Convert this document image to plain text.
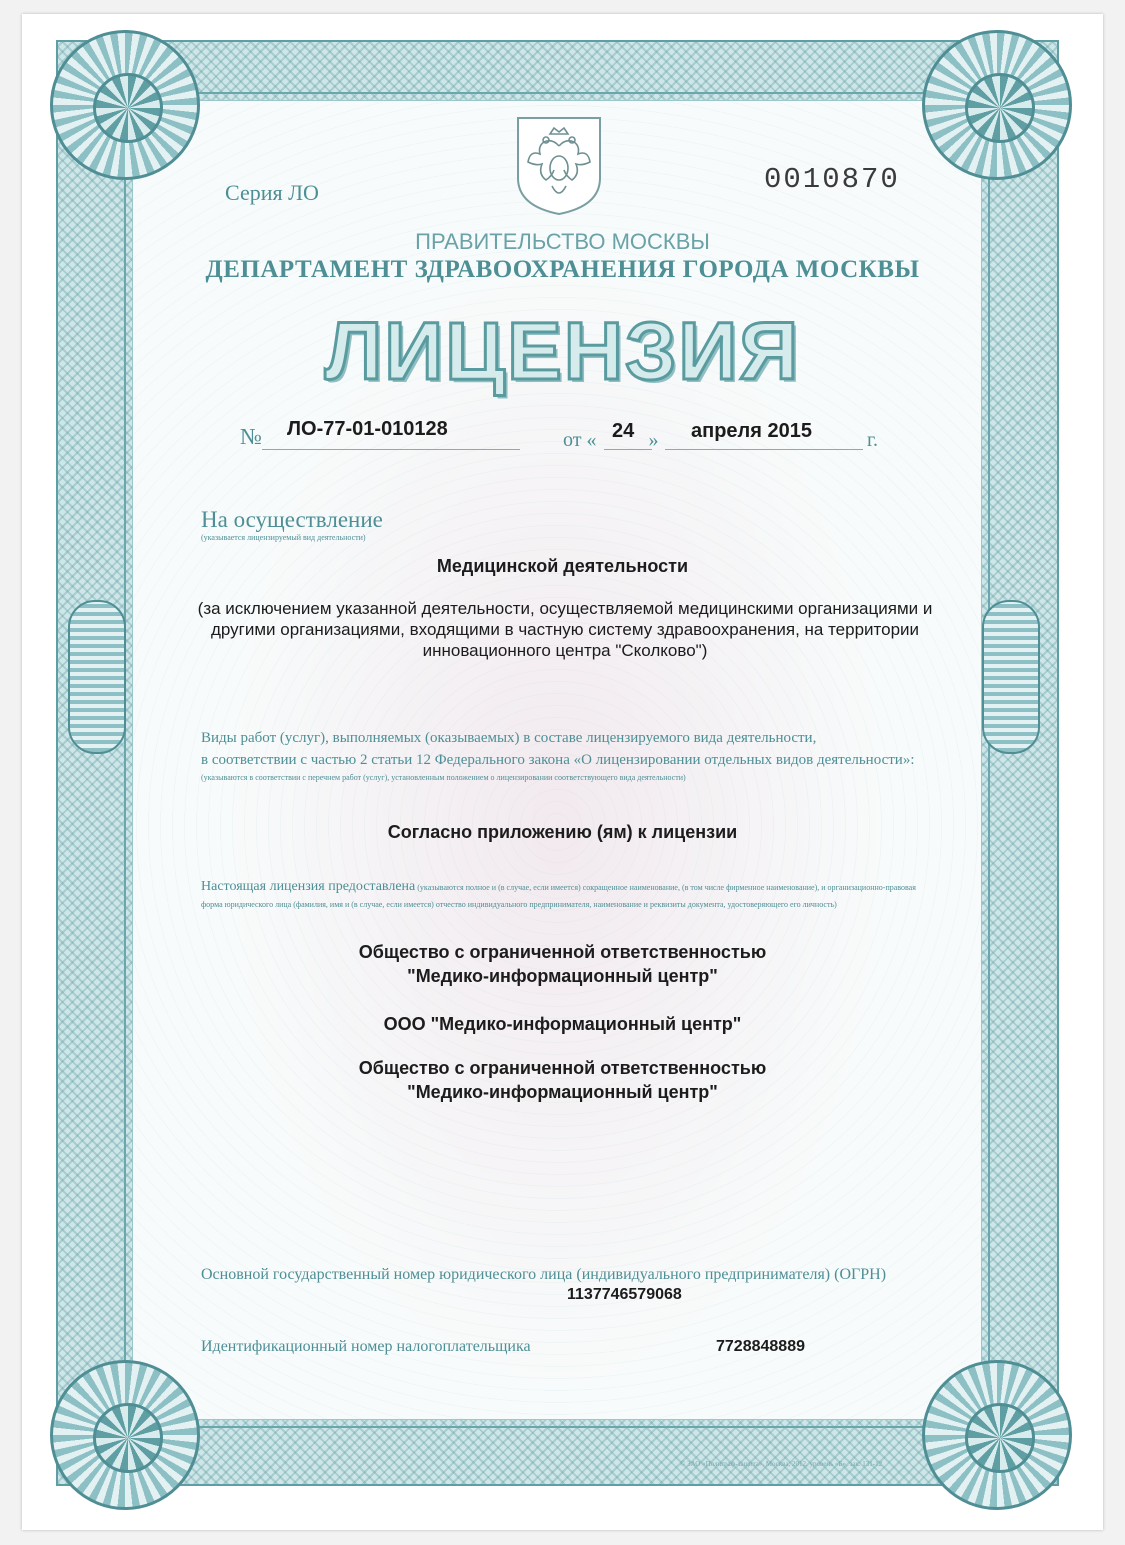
Серия ЛО	0010870
ПРАВИТЕЛЬСТВО МОСКВЫ
ДЕПАРТАМЕНТ ЗДРАВООХРАНЕНИЯ ГОРОДА МОСКВЫ
ЛИЦЕНЗИЯ
№ ЛО-77-01-010128	от «	»
24	апреля 2015	г.
На осуществление
(указывается лицензируемый вид деятельности)
Медицинской деятельности
(за исключением указанной деятельности, осуществляемой медицинскими организациями и другими организациями, входящими в частную систему здравоохранения, на территории инновационного центра "Сколково")
Виды работ (услуг), выполняемых (оказываемых) в составе лицензируемого вида деятельности,
в соответствии с частью 2 статьи 12 Федерального закона «О лицензировании отдельных видов деятельности»:
(указываются в соответствии с перечнем работ (услуг), установленным положением о лицензировании соответствующего вида деятельности)
Согласно приложению (ям) к лицензии
Настоящая лицензия предоставлена (указываются полное и (в случае, если имеется) сокращенное наименование, (в том числе фирменное наименование), и организационно-правовая форма юридического лица (фамилия, имя и (в случае, если имеется) отчество индивидуального предпринимателя, наименование и реквизиты документа, удостоверяющего его личность)
Общество с ограниченной ответственностью
"Медико-информационный центр"
ООО "Медико-информационный центр"
Общество с ограниченной ответственностью
"Медико-информационный центр"
Основной государственный номер юридического лица (индивидуального предпринимателя) (ОГРН)
1137746579068
Идентификационный номер налогоплательщика	7728848889
© ЗАО «Полиграф-защита», Москва, 2012, уровень «Б», зак. 131-12
